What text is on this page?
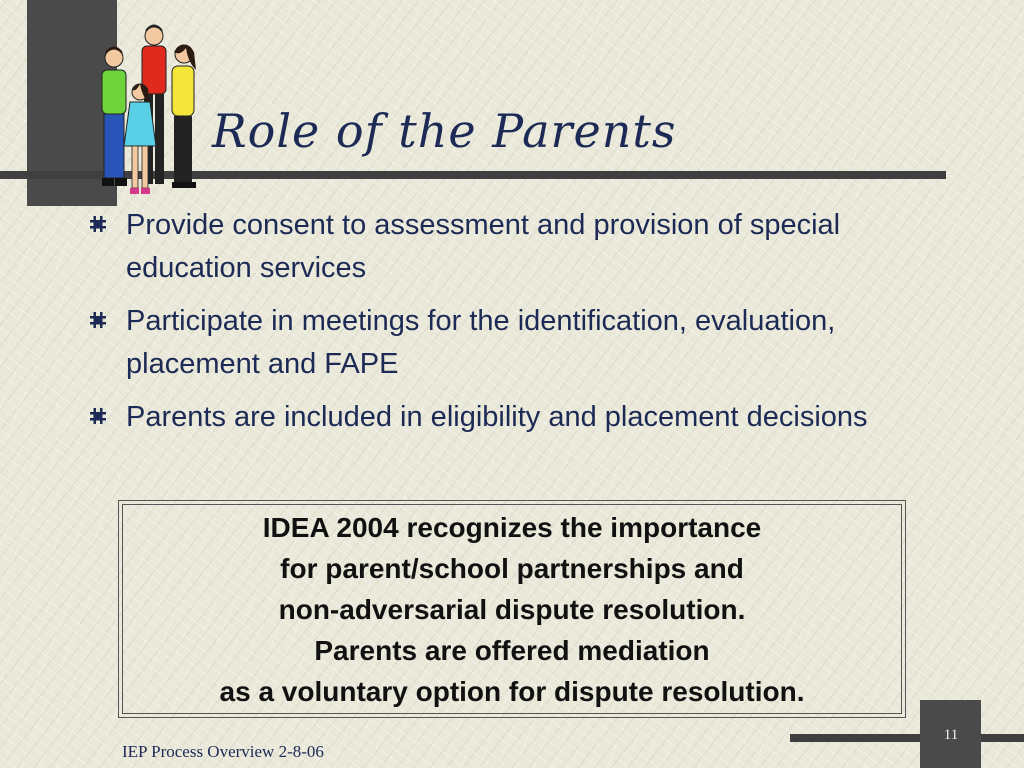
Role of the Parents
Provide consent to assessment and provision of special education services
Participate in meetings for the identification, evaluation, placement and FAPE
Parents are included in eligibility and placement decisions
IDEA 2004 recognizes the importance
for parent/school partnerships and
non-adversarial dispute resolution.
Parents are offered mediation
as a voluntary option for dispute resolution.
11

IEP Process Overview 2-8-06
